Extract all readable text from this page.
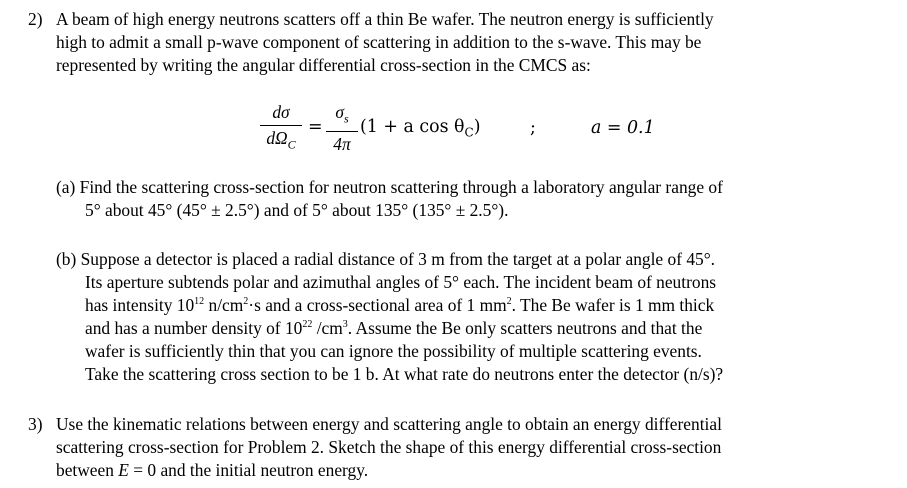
2) A beam of high energy neutrons scatters off a thin Be wafer. The neutron energy is sufficiently
high to admit a small p-wave component of scattering in addition to the s-wave. This may be
represented by writing the angular differential cross-section in the CMCS as:
dσ
$d\Omega_C$
=
$\sigma_s$
4π
(1 + a $\cos \theta_C$)	;	a = 0.1
(a) Find the scattering cross-section for neutron scattering through a laboratory angular range of
5° about 45° (45° ± 2.5°) and of 5° about 135° (135° ± 2.5°).
(b) Suppose a detector is placed a radial distance of 3 m from the target at a polar angle of 45°.
Its aperture subtends polar and azimuthal angles of 5° each. The incident beam of neutrons
has intensity $10^{12}$ $n/cm^2\cdot s$ and a cross-sectional area of 1 $mm^2$. The Be wafer is 1 mm thick
and has a number density of $10^{22}$ $/cm^3$. Assume the Be only scatters neutrons and that the
wafer is sufficiently thin that you can ignore the possibility of multiple scattering events.
Take the scattering cross section to be 1 b. At what rate do neutrons enter the detector (n/s)?
3) Use the kinematic relations between energy and scattering angle to obtain an energy differential
scattering cross-section for Problem 2. Sketch the shape of this energy differential cross-section
between E = 0 and the initial neutron energy.
